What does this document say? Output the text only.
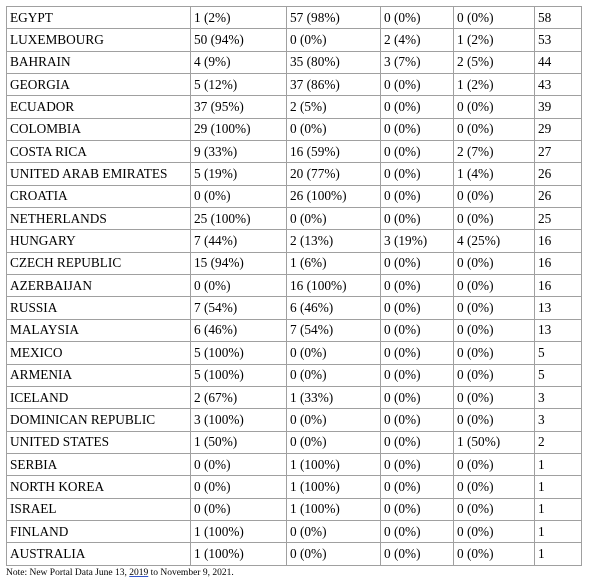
EGYPT	1 (2%)	57 (98%)	0 (0%)	0 (0%)	58
LUXEMBOURG	50 (94%)	0 (0%)	2 (4%)	1 (2%)	53
BAHRAIN	4 (9%)	35 (80%)	3 (7%)	2 (5%)	44
GEORGIA	5 (12%)	37 (86%)	0 (0%)	1 (2%)	43
ECUADOR	37 (95%)	2 (5%)	0 (0%)	0 (0%)	39
COLOMBIA	29 (100%)	0 (0%)	0 (0%)	0 (0%)	29
COSTA RICA	9 (33%)	16 (59%)	0 (0%)	2 (7%)	27
UNITED ARAB EMIRATES	5 (19%)	20 (77%)	0 (0%)	1 (4%)	26
CROATIA	0 (0%)	26 (100%)	0 (0%)	0 (0%)	26
NETHERLANDS	25 (100%)	0 (0%)	0 (0%)	0 (0%)	25
HUNGARY	7 (44%)	2 (13%)	3 (19%)	4 (25%)	16
CZECH REPUBLIC	15 (94%)	1 (6%)	0 (0%)	0 (0%)	16
AZERBAIJAN	0 (0%)	16 (100%)	0 (0%)	0 (0%)	16
RUSSIA	7 (54%)	6 (46%)	0 (0%)	0 (0%)	13
MALAYSIA	6 (46%)	7 (54%)	0 (0%)	0 (0%)	13
MEXICO	5 (100%)	0 (0%)	0 (0%)	0 (0%)	5
ARMENIA	5 (100%)	0 (0%)	0 (0%)	0 (0%)	5
ICELAND	2 (67%)	1 (33%)	0 (0%)	0 (0%)	3
DOMINICAN REPUBLIC	3 (100%)	0 (0%)	0 (0%)	0 (0%)	3
UNITED STATES	1 (50%)	0 (0%)	0 (0%)	1 (50%)	2
SERBIA	0 (0%)	1 (100%)	0 (0%)	0 (0%)	1
NORTH KOREA	0 (0%)	1 (100%)	0 (0%)	0 (0%)	1
ISRAEL	0 (0%)	1 (100%)	0 (0%)	0 (0%)	1
FINLAND	1 (100%)	0 (0%)	0 (0%)	0 (0%)	1
AUSTRALIA	1 (100%)	0 (0%)	0 (0%)	0 (0%)	1
Note: New Portal Data June 13, 2019 to November 9, 2021.
